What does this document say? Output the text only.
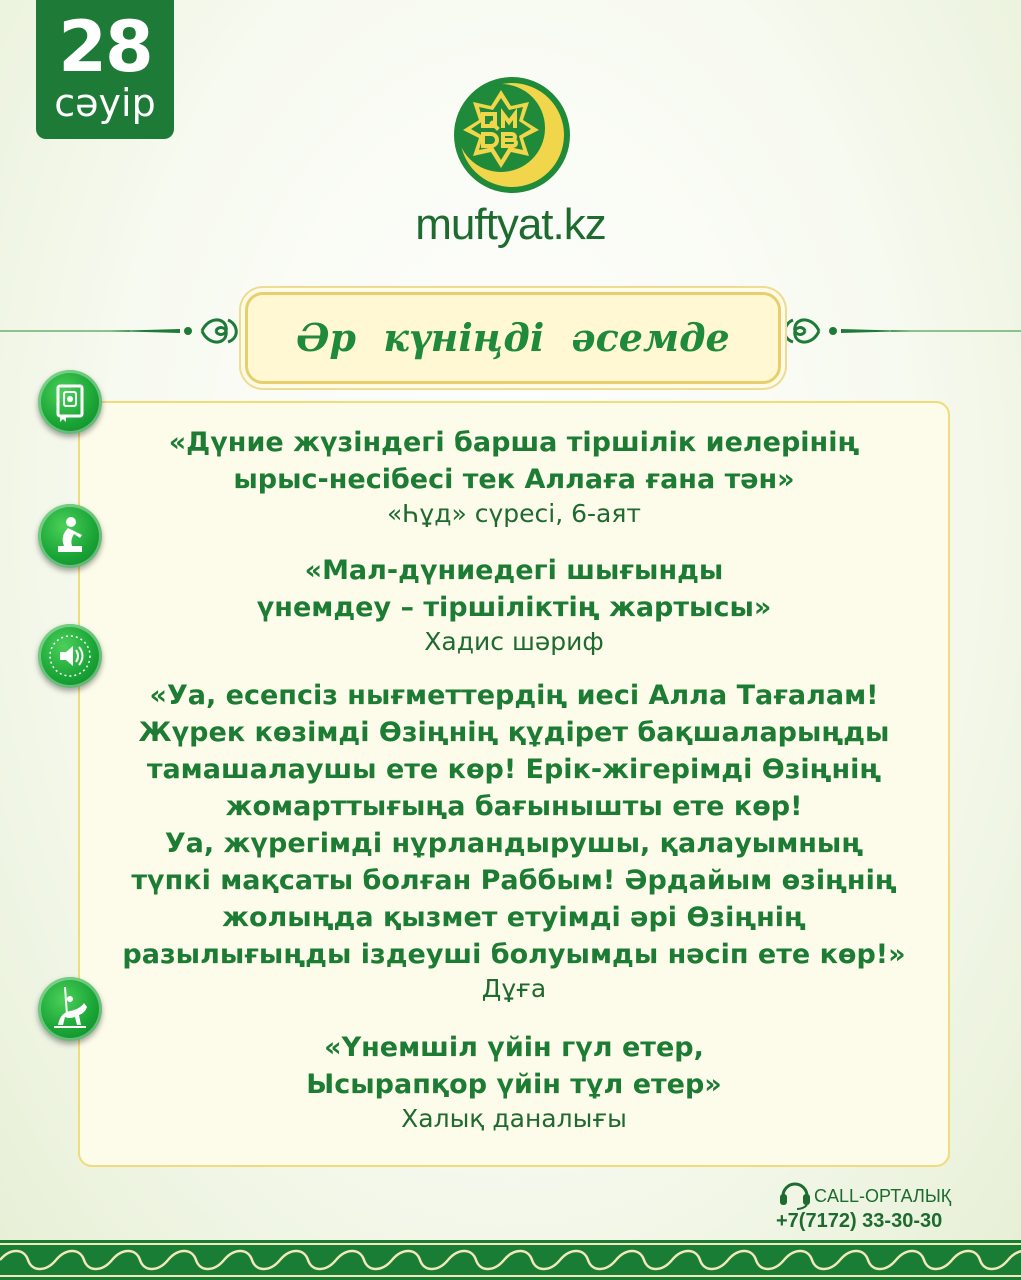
28
сәуір
muftyat.kz
Әр күніңді әсемде
«Дүние жүзіндегі барша тіршілік иелерінің
ырыс-несібесі тек Аллаға ғана тән»
«Һұд» сүресі, 6-аят
«Мал-дүниедегі шығынды
үнемдеу – тіршіліктің жартысы»
Хадис шәриф
«Уа, есепсіз нығметтердің иесі Алла Тағалам!
Жүрек көзімді Өзіңнің құдірет бақшаларыңды
тамашалаушы ете көр! Ерік-жігерімді Өзіңнің
жомарттығыңа бағынышты ете көр!
Уа, жүрегімді нұрландырушы, қалауымның
түпкі мақсаты болған Раббым! Әрдайым өзіңнің
жолыңда қызмет етуімді әрі Өзіңнің
разылығыңды іздеуші болуымды нәсіп ете көр!»
Дұға
«Үнемшіл үйін гүл етер,
Ысырапқор үйін тұл етер»
Халық даналығы
CALL-ОРТАЛЫҚ
+7(7172) 33-30-30
